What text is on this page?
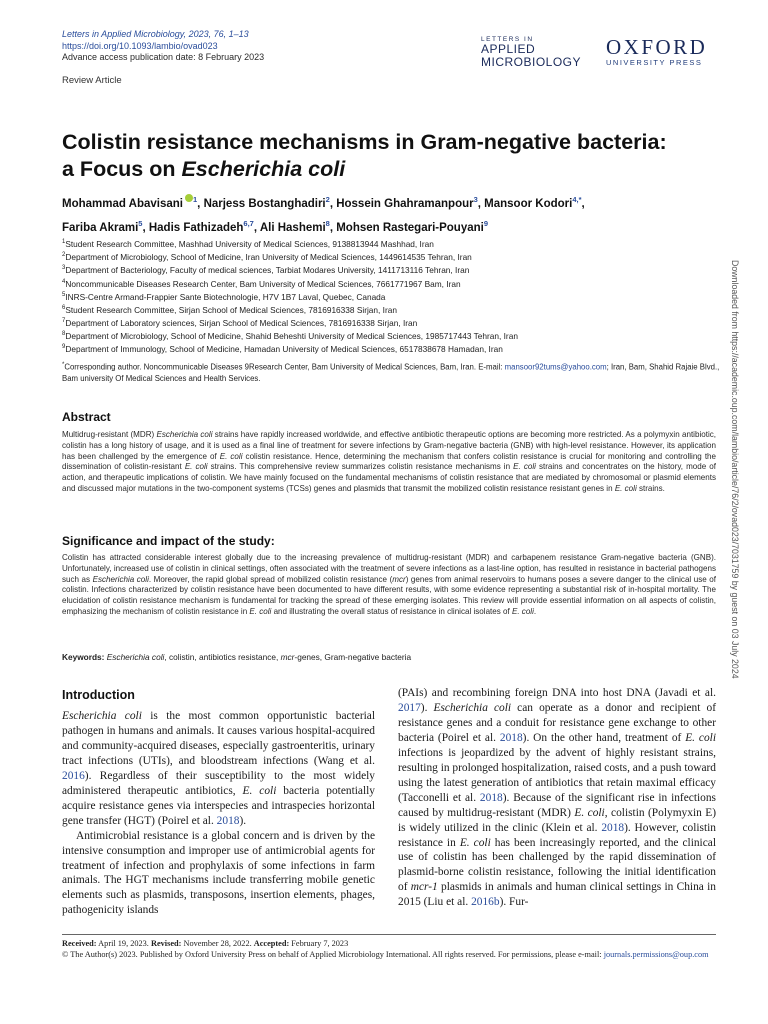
Letters in Applied Microbiology, 2023, 76, 1–13
https://doi.org/10.1093/lambio/ovad023
Advance access publication date: 8 February 2023
Review Article
LETTERS IN
APPLIED
MICROBIOLOGY
OXFORD
UNIVERSITY PRESS
Colistin resistance mechanisms in Gram-negative bacteria:
a Focus on Escherichia coli
Mohammad Abavisani $^1$, Narjess Bostanghadiri$^2$, Hossein Ghahramanpour$^3$, Mansoor Kodori$^{4,*}$,
Fariba Akrami$^5$, Hadis Fathizadeh$^{6,7}$, Ali Hashemi$^8$, Mohsen Rastegari-Pouyani$^9$
$^1$Student Research Committee, Mashhad University of Medical Sciences, 9138813944 Mashhad, Iran
$^2$Department of Microbiology, School of Medicine, Iran University of Medical Sciences, 1449614535 Tehran, Iran
$^3$Department of Bacteriology, Faculty of medical sciences, Tarbiat Modares University, 1411713116 Tehran, Iran
$^4$Noncommunicable Diseases Research Center, Bam University of Medical Sciences, 7661771967 Bam, Iran
$^5$INRS-Centre Armand-Frappier Sante Biotechnologie, H7V 1B7 Laval, Quebec, Canada
$^6$Student Research Committee, Sirjan School of Medical Sciences, 7816916338 Sirjan, Iran
$^7$Department of Laboratory sciences, Sirjan School of Medical Sciences, 7816916338 Sirjan, Iran
$^8$Department of Microbiology, School of Medicine, Shahid Beheshti University of Medical Sciences, 1985717443 Tehran, Iran
$^9$Department of Immunology, School of Medicine, Hamadan University of Medical Sciences, 6517838678 Hamadan, Iran
*Corresponding author. Noncommunicable Diseases 9Research Center, Bam University of Medical Sciences, Bam, Iran. E-mail: mansoor92tums@yahoo.com; Iran, Bam, Shahid Rajaie Blvd., Bam university Of Medical Sciences and Health Services.
Abstract
Multidrug-resistant (MDR) Escherichia coli strains have rapidly increased worldwide, and effective antibiotic therapeutic options are becoming more restricted. As a polymyxin antibiotic, colistin has a long history of usage, and it is used as a final line of treatment for severe infections by Gram-negative bacteria (GNB) with high-level resistance. However, its application has been challenged by the emergence of E. coli colistin resistance. Hence, determining the mechanism that confers colistin resistance is crucial for monitoring and controlling the dissemination of colistin-resistant E. coli strains. This comprehensive review summarizes colistin resistance mechanisms in E. coli strains and concentrates on the history, mode of action, and therapeutic implications of colistin. We have mainly focused on the fundamental mechanisms of colistin resistance that are mediated by chromosomal or plasmid elements and discussed major mutations in the two-component systems (TCSs) genes and plasmids that transmit the mobilized colistin resistance resistant genes in E. coli strains.
Significance and impact of the study:
Colistin has attracted considerable interest globally due to the increasing prevalence of multidrug-resistant (MDR) and carbapenem resistance Gram-negative bacteria (GNB). Unfortunately, increased use of colistin in clinical settings, often associated with the treatment of severe infections as a last-line option, has resulted in resistance in bacterial pathogens such as Escherichia coli. Moreover, the rapid global spread of mobilized colistin resistance (mcr) genes from animal reservoirs to humans poses a severe danger to the clinical use of colistin. Infections characterized by colistin resistance have been documented to have different results, with some evidence representing a substantial risk of in-hospital mortality. The elucidation of colistin resistance mechanism is fundamental for tracking the spread of these emerging isolates. This review will provide essential information on all aspects of colistin, emphasizing the mechanism of colistin resistance in E. coli and illustrating the overall status of resistance in clinical isolates of E. coli.
Keywords: Escherichia coli, colistin, antibiotics resistance, mcr-genes, Gram-negative bacteria
Introduction

Escherichia coli is the most common opportunistic bacterial pathogen in humans and animals. It causes various hospital-acquired and community-acquired diseases, especially gastroenteritis, urinary tract infections (UTIs), and bloodstream infections (Wang et al. 2016). Regardless of their susceptibility to the most widely administered therapeutic antibiotics, E. coli bacteria potentially acquire resistance genes via interspecies and intraspecies horizontal gene transfer (HGT) (Poirel et al. 2018).

Antimicrobial resistance is a global concern and is driven by the intensive consumption and improper use of antimicrobial agents for treatment of infection and prophylaxis of some infections in farm animals. The HGT mechanisms include transferring mobile genetic elements such as plasmids, transposons, insertion elements, phages, pathogenicity islands

(PAIs) and recombining foreign DNA into host DNA (Javadi et al. 2017). Escherichia coli can operate as a donor and recipient of resistance genes and a conduit for resistance gene exchange to other bacteria (Poirel et al. 2018). On the other hand, treatment of E. coli infections is jeopardized by the advent of highly resistant strains, resulting in prolonged hospitalization, raised costs, and a push toward using the latest generation of antibiotics that retain maximal efficacy (Tacconelli et al. 2018). Because of the significant rise in infections caused by multidrug-resistant (MDR) E. coli, colistin (Polymyxin E) is widely utilized in the clinic (Klein et al. 2018). However, colistin resistance in E. coli has been increasingly reported, and the clinical use of colistin has been challenged by the rapid dissemination of plasmid-borne colistin resistance, following the initial identification of mcr-1 plasmids in animals and human clinical settings in China in 2015 (Liu et al. 2016b). Fur-

Received: April 19, 2023. Revised: November 28, 2022. Accepted: February 7, 2023
© The Author(s) 2023. Published by Oxford University Press on behalf of Applied Microbiology International. All rights reserved. For permissions, please e-mail: journals.permissions@oup.com
Downloaded from https://academic.oup.com/lambio/article/76/2/ovad023/7031759 by guest on 03 July 2024
